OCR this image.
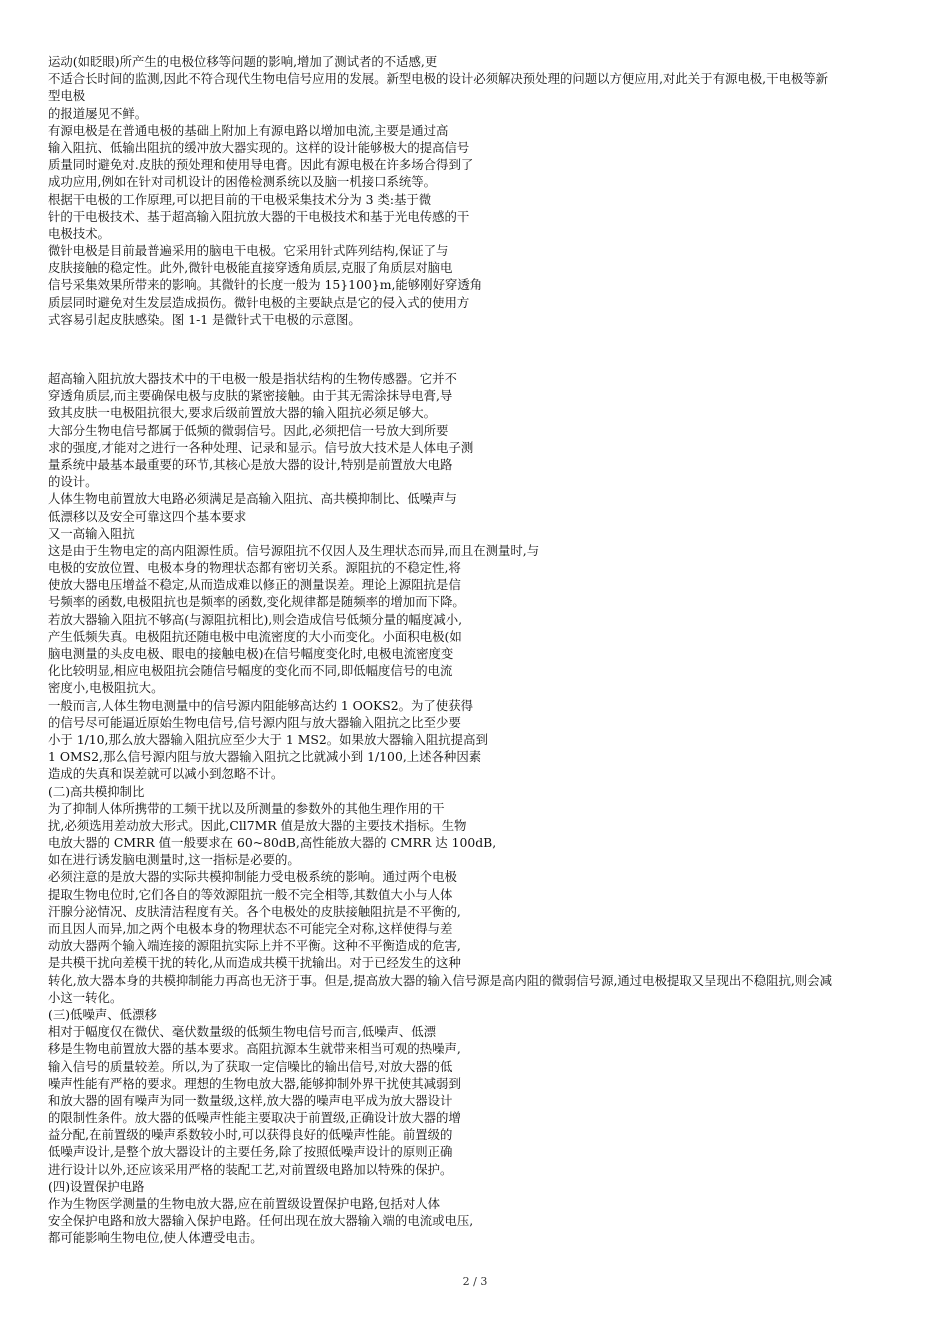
运动(如眨眼)所产生的电极位移等问题的影响,增加了测试者的不适感,更
不适合长时间的监测,因此不符合现代生物电信号应用的发展。新型电极的设计必须解决预处理的问题以方便应用,对此关于有源电极,干电极等新
型电极
的报道屡见不鲜。
有源电极是在普通电极的基础上附加上有源电路以增加电流,主要是通过高
输入阻抗、低输出阻抗的缓冲放大器实现的。这样的设计能够极大的提高信号
质量同时避免对.皮肤的预处理和使用导电膏。因此有源电极在许多场合得到了
成功应用,例如在针对司机设计的困倦检测系统以及脑一机接口系统等。
根据干电极的工作原理,可以把目前的干电极采集技术分为 3 类:基于微
针的干电极技术、基于超高输入阻抗放大器的干电极技术和基于光电传感的干
电极技术。
微针电极是目前最普遍采用的脑电干电极。它采用针式阵列结构,保证了与
皮肤接触的稳定性。此外,微针电极能直接穿透角质层,克服了角质层对脑电
信号采集效果所带来的影响。其微针的长度一般为 15}100}m,能够刚好穿透角
质层同时避免对生发层造成损伤。微针电极的主要缺点是它的侵入式的使用方
式容易引起皮肤感染。图 1-1 是微针式干电极的示意图。
超高输入阻抗放大器技术中的干电极一般是指状结构的生物传感器。它并不
穿透角质层,而主要确保电极与皮肤的紧密接触。由于其无需涂抹导电膏,导
致其皮肤一电极阻抗很大,要求后级前置放大器的输入阻抗必须足够大。
大部分生物电信号都属于低频的微弱信号。因此,必须把信一号放大到所要
求的强度,才能对之进行一各种处理、记录和显示。信号放大技术是人体电子测
量系统中最基本最重要的环节,其核心是放大器的设计,特别是前置放大电路
的设计。
人体生物电前置放大电路必须满足是高输入阻抗、高共模抑制比、低噪声与
低漂移以及安全可靠这四个基本要求
又一高输入阻抗
这是由于生物电定的高内阻源性质。信号源阻抗不仅因人及生理状态而异,而且在测量时,与
电极的安放位置、电极本身的物理状态都有密切关系。源阻抗的不稳定性,将
使放大器电压增益不稳定,从而造成难以修正的测量误差。理论上源阻抗是信
号频率的函数,电极阻抗也是频率的函数,变化规律都是随频率的增加而下降。
若放大器输入阻抗不够高(与源阻抗相比),则会造成信号低频分量的幅度减小,
产生低频失真。电极阻抗还随电极中电流密度的大小而变化。小面积电极(如
脑电测量的头皮电极、眼电的接触电极)在信号幅度变化时,电极电流密度变
化比较明显,相应电极阻抗会随信号幅度的变化而不同,即低幅度信号的电流
密度小,电极阻抗大。
一般而言,人体生物电测量中的信号源内阻能够高达约 1 OOKS2。为了使获得
的信号尽可能逼近原始生物电信号,信号源内阻与放大器输入阻抗之比至少要
小于 1/10,那么放大器输入阻抗应至少大于 1 MS2。如果放大器输入阻抗提高到
1 OMS2,那么信号源内阻与放大器输入阻抗之比就减小到 1/100,上述各种因素
造成的失真和误差就可以减小到忽略不计。
(二)高共模抑制比
为了抑制人体所携带的工频干扰以及所测量的参数外的其他生理作用的干
扰,必须选用差动放大形式。因此,Cll7MR 值是放大器的主要技术指标。生物
电放大器的 CMRR 值一般要求在 60~80dB,高性能放大器的 CMRR 达 100dB,
如在进行诱发脑电测量时,这一指标是必要的。
必须注意的是放大器的实际共模抑制能力受电极系统的影响。通过两个电极
提取生物电位时,它们各自的等效源阻抗一般不完全相等,其数值大小与人体
汗腺分泌情况、皮肤清洁程度有关。各个电极处的皮肤接触阻抗是不平衡的,
而且因人而异,加之两个电极本身的物理状态不可能完全对称,这样使得与差
动放大器两个输入端连接的源阻抗实际上并不平衡。这种不平衡造成的危害,
是共模干扰向差模干扰的转化,从而造成共模干扰输出。对于已经发生的这种
转化,放大器本身的共模抑制能力再高也无济于事。但是,提高放大器的输入信号源是高内阻的微弱信号源,通过电极提取又呈现出不稳阻抗,则会减
小这一转化。
(三)低噪声、低漂移
相对于幅度仅在微伏、毫伏数量级的低频生物电信号而言,低噪声、低漂
移是生物电前置放大器的基本要求。高阻抗源本生就带来相当可观的热噪声,
输入信号的质量较差。所以,为了获取一定信噪比的输出信号,对放大器的低
噪声性能有严格的要求。理想的生物电放大器,能够抑制外界干扰使其减弱到
和放大器的固有噪声为同一数量级,这样,放大器的噪声电平成为放大器设计
的限制性条件。放大器的低噪声性能主要取决于前置级,正确设计放大器的增
益分配,在前置级的噪声系数较小时,可以获得良好的低噪声性能。前置级的
低噪声设计,是整个放大器设计的主要任务,除了按照低噪声设计的原则正确
进行设计以外,还应该采用严格的装配工艺,对前置级电路加以特殊的保护。
(四)设置保护电路
作为生物医学测量的生物电放大器,应在前置级设置保护电路,包括对人体
安全保护电路和放大器输入保护电路。任何出现在放大器输入端的电流或电压,
都可能影响生物电位,使人体遭受电击。
2 / 3
